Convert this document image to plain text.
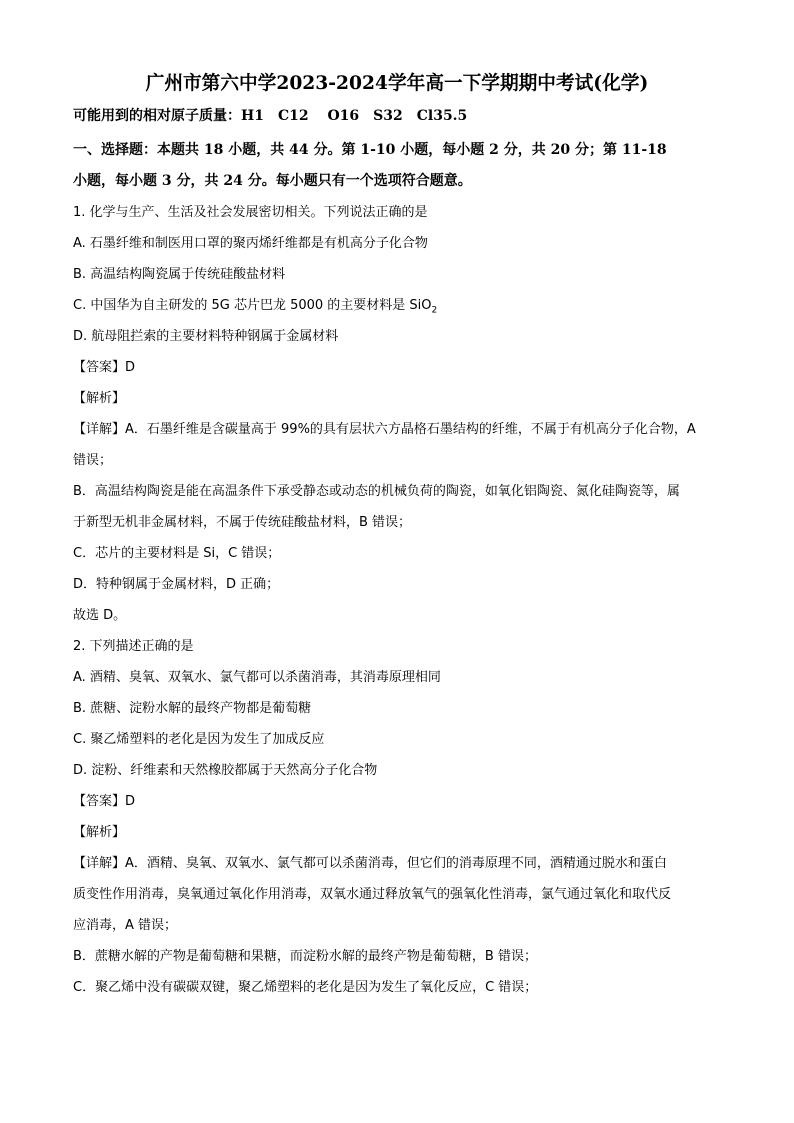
广州市第六中学2023-2024学年高一下学期期中考试(化学)
可能用到的相对原子质量：H1　C12　 O16　S32　Cl35.5
一、选择题：本题共 18 小题，共 44 分。第 1-10 小题，每小题 2 分，共 20 分；第 11-18
小题，每小题 3 分，共 24 分。每小题只有一个选项符合题意。
1. 化学与生产、生活及社会发展密切相关。下列说法正确的是
A. 石墨纤维和制医用口罩的聚丙烯纤维都是有机高分子化合物
B. 高温结构陶瓷属于传统硅酸盐材料
C. 中国华为自主研发的 5G 芯片巴龙 5000 的主要材料是 SiO$_2$
D. 航母阻拦索的主要材料特种钢属于金属材料
【答案】D
【解析】
【详解】A．石墨纤维是含碳量高于 99%的具有层状六方晶格石墨结构的纤维，不属于有机高分子化合物，A
错误；
B．高温结构陶瓷是能在高温条件下承受静态或动态的机械负荷的陶瓷，如氧化铝陶瓷、氮化硅陶瓷等，属
于新型无机非金属材料，不属于传统硅酸盐材料，B 错误；
C．芯片的主要材料是 Si，C 错误；
D．特种钢属于金属材料，D 正确；
故选 D。
2. 下列描述正确的是
A. 酒精、臭氧、双氧水、氯气都可以杀菌消毒，其消毒原理相同
B. 蔗糖、淀粉水解的最终产物都是葡萄糖
C. 聚乙烯塑料的老化是因为发生了加成反应
D. 淀粉、纤维素和天然橡胶都属于天然高分子化合物
【答案】D
【解析】
【详解】A．酒精、臭氧、双氧水、氯气都可以杀菌消毒，但它们的消毒原理不同，酒精通过脱水和蛋白
质变性作用消毒，臭氧通过氧化作用消毒，双氧水通过释放氧气的强氧化性消毒，氯气通过氧化和取代反
应消毒，A 错误；
B．蔗糖水解的产物是葡萄糖和果糖，而淀粉水解的最终产物是葡萄糖，B 错误；
C．聚乙烯中没有碳碳双键，聚乙烯塑料的老化是因为发生了氧化反应，C 错误；
